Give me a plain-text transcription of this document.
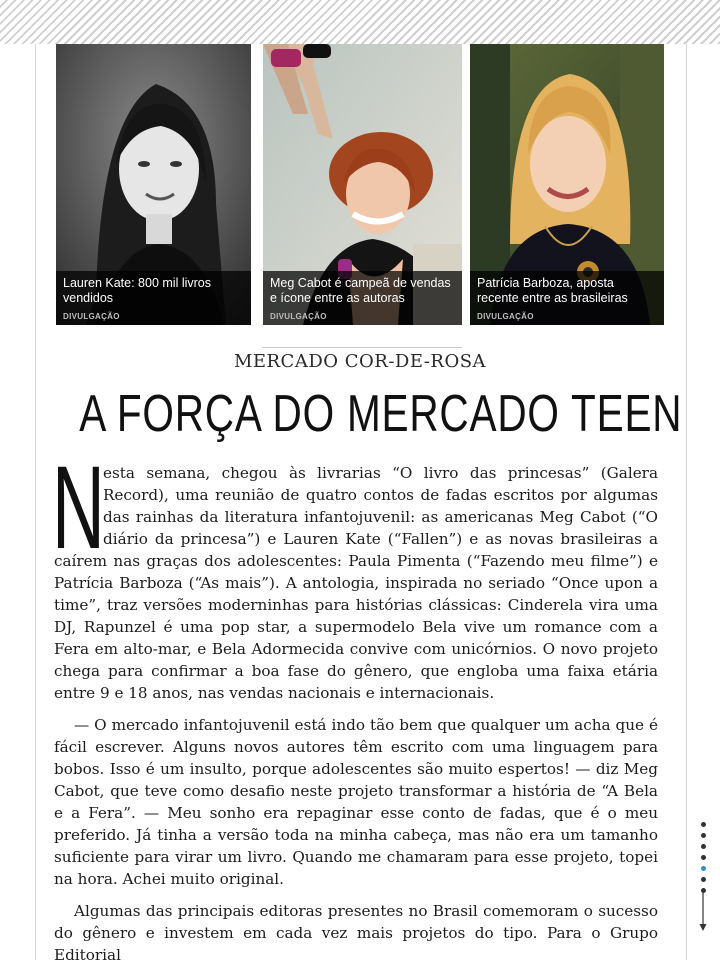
Lauren Kate: 800 mil livros vendidos
DIVULGAÇÃO
Meg Cabot é campeã de vendas e ícone entre as autoras
DIVULGAÇÃO
Patrícia Barboza, aposta recente entre as brasileiras
DIVULGAÇÃO
MERCADO COR-DE-ROSA
A FORÇA DO MERCADO TEEN

N
esta semana, chegou às livrarias “O livro das princesas” (Galera Record), uma reunião de quatro contos de fadas escritos por algumas das rainhas da literatura infantojuvenil: as americanas Meg Cabot (“O diário da princesa”) e Lauren Kate (“Fallen”) e as novas brasileiras a caírem nas graças dos adolescentes: Paula Pimenta (“Fazendo meu filme”) e Patrícia Barboza (“As mais”). A antologia, inspirada no seriado “Once upon a time”, traz versões moderninhas para histórias clássicas: Cinderela vira uma DJ, Rapunzel é uma pop star, a supermodelo Bela vive um romance com a Fera em alto-mar, e Bela Adormecida convive com unicórnios. O novo projeto chega para confirmar a boa fase do gênero, que engloba uma faixa etária entre 9 e 18 anos, nas vendas nacionais e internacionais.

— O mercado infantojuvenil está indo tão bem que qualquer um acha que é fácil escrever. Alguns novos autores têm escrito com uma linguagem para bobos. Isso é um insulto, porque adolescentes são muito espertos! — diz Meg Cabot, que teve como desafio neste projeto transformar a história de “A Bela e a Fera”. — Meu sonho era repaginar esse conto de fadas, que é o meu preferido. Já tinha a versão toda na minha cabeça, mas não era um tamanho suficiente para virar um livro. Quando me chamaram para esse projeto, topei na hora. Achei muito original.

Algumas das principais editoras presentes no Brasil comemoram o sucesso do gênero e investem em cada vez mais projetos do tipo. Para o Grupo Editorial
